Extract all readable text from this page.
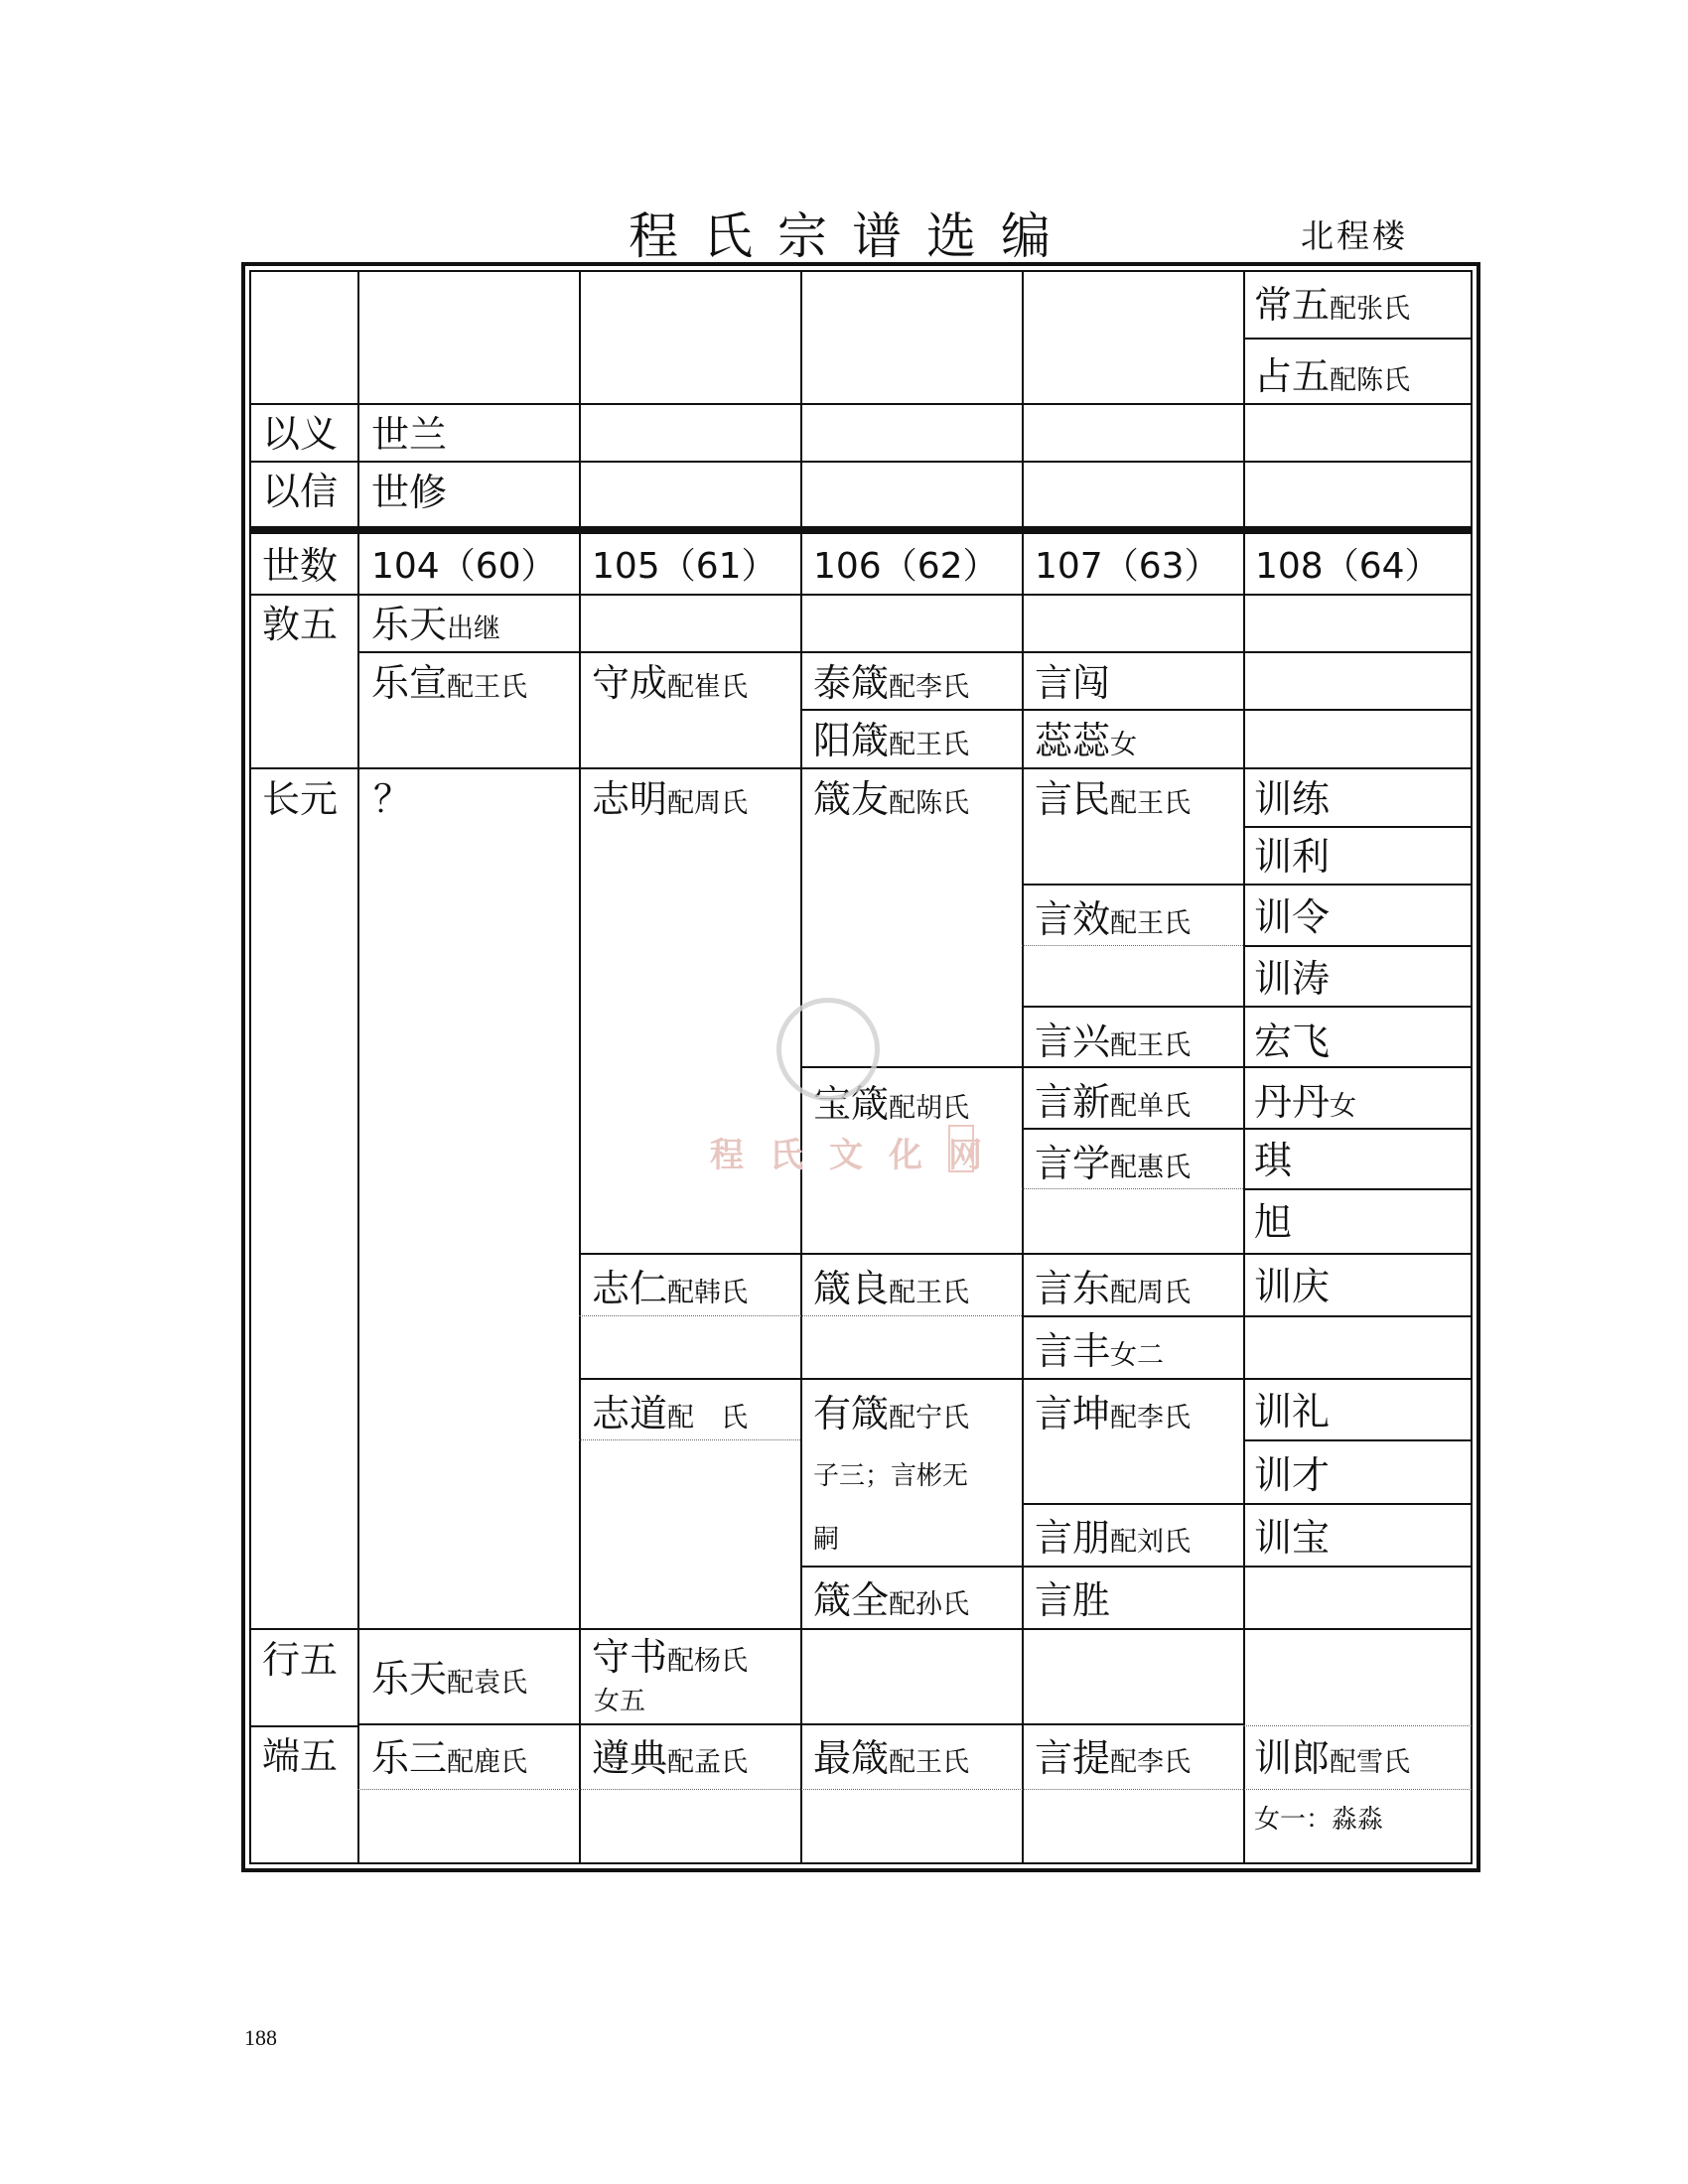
程氏宗谱选编	北程楼
常五配张氏
占五配陈氏
以义 世兰
以信 世修
世数 104（60） 105（61） 106（62） 107（63） 108（64）
敦五 乐天出继
乐宣配王氏 守成配崔氏 泰箴配李氏
阳箴配王氏
言闯
蕊蕊女
长元 ？	志明配周氏
志仁配韩氏
志道配　氏
箴友配陈氏
宝箴配胡氏
箴良配王氏
有箴配宁氏
子三；言彬无
嗣
箴全配孙氏
言民配王氏
言效配王氏
言兴配王氏
言新配单氏
言学配惠氏
言东配周氏
言丰女二
言坤配李氏
言朋配刘氏
言胜
训练
训利
训令
训涛
宏飞
丹丹女
琪
旭
训庆
训礼
训才
训宝
行五 乐天配袁氏
守书配杨氏
女五
端五 乐三配鹿氏 遵典配孟氏 最箴配王氏 言提配李氏 训郎配雪氏
女一：淼淼
程氏文化网
188
